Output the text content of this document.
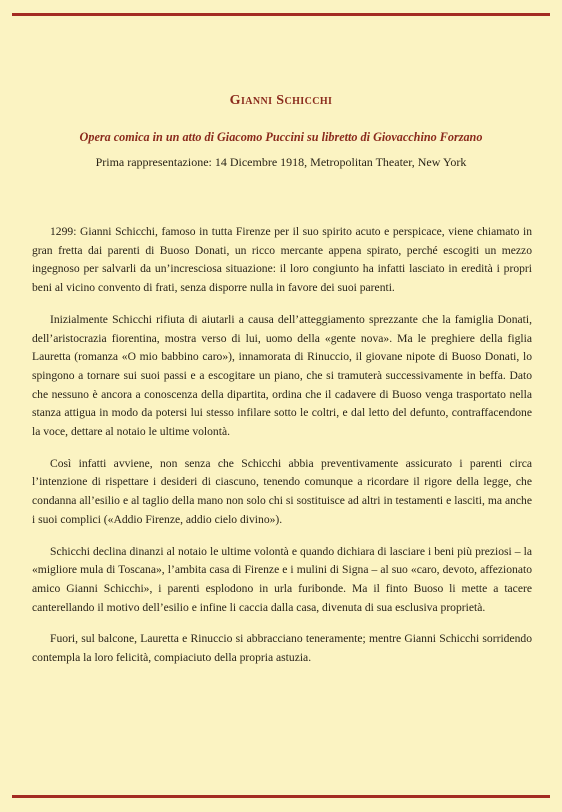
Gianni Schicchi

Opera comica in un atto di Giacomo Puccini su libretto di Giovacchino Forzano

Prima rappresentazione: 14 Dicembre 1918, Metropolitan Theater, New York

1299: Gianni Schicchi, famoso in tutta Firenze per il suo spirito acuto e perspicace, viene chiamato in gran fretta dai parenti di Buoso Donati, un ricco mercante appena spirato, perché escogiti un mezzo ingegnoso per salvarli da un’incresciosa situazione: il loro congiunto ha infatti lasciato in eredità i propri beni al vicino convento di frati, senza disporre nulla in favore dei suoi parenti.

Inizialmente Schicchi rifiuta di aiutarli a causa dell’atteggiamento sprezzante che la famiglia Donati, dell’aristocrazia fiorentina, mostra verso di lui, uomo della «gente nova». Ma le preghiere della figlia Lauretta (romanza «O mio babbino caro»), innamorata di Rinuccio, il giovane nipote di Buoso Donati, lo spingono a tornare sui suoi passi e a escogitare un piano, che si tramuterà successivamente in beffa. Dato che nessuno è ancora a conoscenza della dipartita, ordina che il cadavere di Buoso venga trasportato nella stanza attigua in modo da potersi lui stesso infilare sotto le coltri, e dal letto del defunto, contraffacendone la voce, dettare al notaio le ultime volontà.

Così infatti avviene, non senza che Schicchi abbia preventivamente assicurato i parenti circa l’intenzione di rispettare i desideri di ciascuno, tenendo comunque a ricordare il rigore della legge, che condanna all’esilio e al taglio della mano non solo chi si sostituisce ad altri in testamenti e lasciti, ma anche i suoi complici («Addio Firenze, addio cielo divino»).

Schicchi declina dinanzi al notaio le ultime volontà e quando dichiara di lasciare i beni più preziosi – la «migliore mula di Toscana», l’ambita casa di Firenze e i mulini di Signa – al suo «caro, devoto, affezionato amico Gianni Schicchi», i parenti esplodono in urla furibonde. Ma il finto Buoso li mette a tacere canterellando il motivo dell’esilio e infine li caccia dalla casa, divenuta di sua esclusiva proprietà.

Fuori, sul balcone, Lauretta e Rinuccio si abbracciano teneramente; mentre Gianni Schicchi sorridendo contempla la loro felicità, compiaciuto della propria astuzia.
